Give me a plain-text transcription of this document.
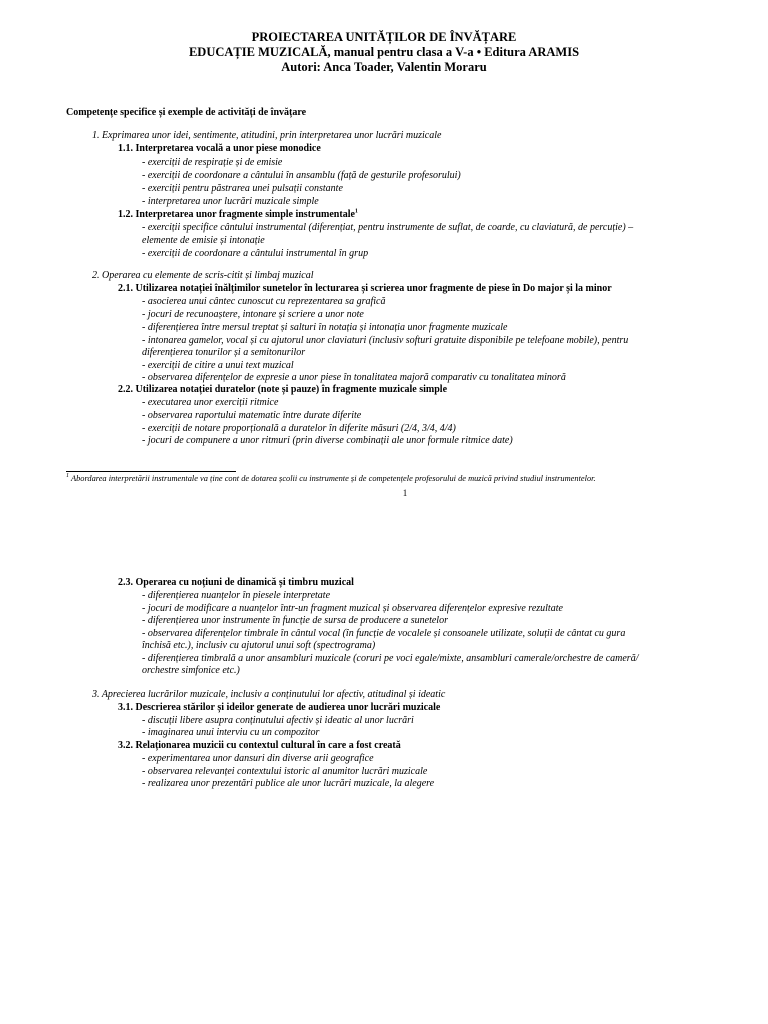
PROIECTAREA UNITĂȚILOR DE ÎNVĂȚARE
EDUCAȚIE MUZICALĂ, manual pentru clasa a V-a • Editura ARAMIS
Autori: Anca Toader, Valentin Moraru
Competențe specifice și exemple de activități de învățare
1. Exprimarea unor idei, sentimente, atitudini, prin interpretarea unor lucrări muzicale
1.1. Interpretarea vocală a unor piese monodice
- exerciții de respirație și de emisie
- exerciții de coordonare a cântului în ansamblu (față de gesturile profesorului)
- exerciții pentru păstrarea unei pulsații constante
- interpretarea unor lucrări muzicale simple
1.2. Interpretarea unor fragmente simple instrumentale$^1$
- exerciții specifice cântului instrumental (diferențiat, pentru instrumente de suflat, de coarde, cu claviatură, de percuție) –
elemente de emisie și intonație
- exerciții de coordonare a cântului instrumental în grup
2. Operarea cu elemente de scris-citit și limbaj muzical
2.1. Utilizarea notației înălțimilor sunetelor în lecturarea și scrierea unor fragmente de piese în Do major și la minor
- asocierea unui cântec cunoscut cu reprezentarea sa grafică
- jocuri de recunoaștere, intonare și scriere a unor note
- diferențierea între mersul treptat și salturi în notația și intonația unor fragmente muzicale
- intonarea gamelor, vocal și cu ajutorul unor claviaturi (inclusiv softuri gratuite disponibile pe telefoane mobile), pentru
diferențierea tonurilor și a semitonurilor
- exerciții de citire a unui text muzical
- observarea diferențelor de expresie a unor piese în tonalitatea majoră comparativ cu tonalitatea minoră
2.2. Utilizarea notației duratelor (note și pauze) în fragmente muzicale simple
- executarea unor exerciții ritmice
- observarea raportului matematic între durate diferite
- exerciții de notare proporțională a duratelor în diferite măsuri (2/4, 3/4, 4/4)
- jocuri de compunere a unor ritmuri (prin diverse combinații ale unor formule ritmice date)
$^1$ Abordarea interpretării instrumentale va ține cont de dotarea școlii cu instrumente și de competențele profesorului de muzică privind studiul instrumentelor.
1
2.3. Operarea cu noțiuni de dinamică și timbru muzical
- diferențierea nuanțelor în piesele interpretate
- jocuri de modificare a nuanțelor într-un fragment muzical și observarea diferențelor expresive rezultate
- diferențierea unor instrumente în funcție de sursa de producere a sunetelor
- observarea diferențelor timbrale în cântul vocal (în funcție de vocalele și consoanele utilizate, soluții de cântat cu gura
închisă etc.), inclusiv cu ajutorul unui soft (spectrograma)
- diferențierea timbrală a unor ansambluri muzicale (coruri pe voci egale/mixte, ansambluri camerale/orchestre de cameră/
orchestre simfonice etc.)
3. Aprecierea lucrărilor muzicale, inclusiv a conținutului lor afectiv, atitudinal și ideatic
3.1. Descrierea stărilor și ideilor generate de audierea unor lucrări muzicale
- discuții libere asupra conținutului afectiv și ideatic al unor lucrări
- imaginarea unui interviu cu un compozitor
3.2. Relaționarea muzicii cu contextul cultural în care a fost creată
- experimentarea unor dansuri din diverse arii geografice
- observarea relevanței contextului istoric al anumitor lucrări muzicale
- realizarea unor prezentări publice ale unor lucrări muzicale, la alegere
